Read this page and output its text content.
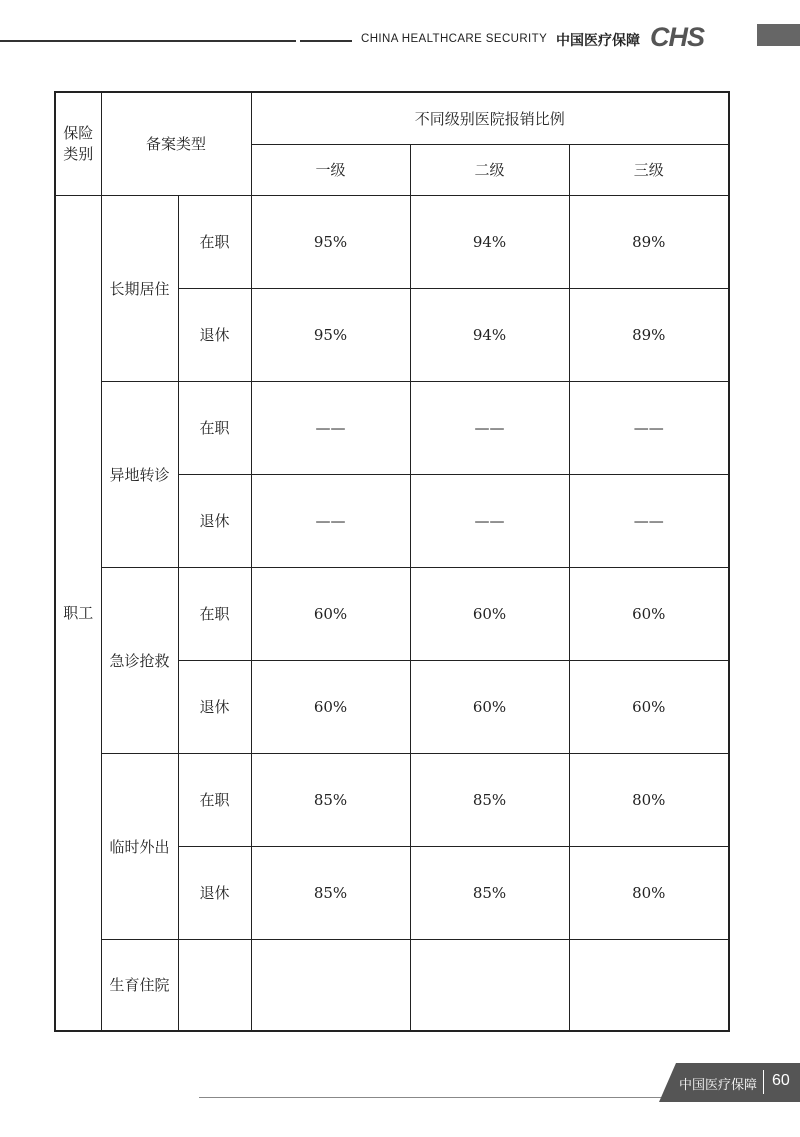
CHINA HEALTHCARE SECURITY 中国医疗保障 CHS
保险类别	备案类型		不同级别医院报销比例		
			一级	二级	三级
职工	长期居住	在职	95%	94%	89%
		退休	95%	94%	89%
	异地转诊	在职	——	——	——
		退休	——	——	——
	急诊抢救	在职	60%	60%	60%
		退休	60%	60%	60%
	临时外出	在职	85%	85%	80%
		退休	85%	85%	80%
	生育住院				
中国医疗保障 60
